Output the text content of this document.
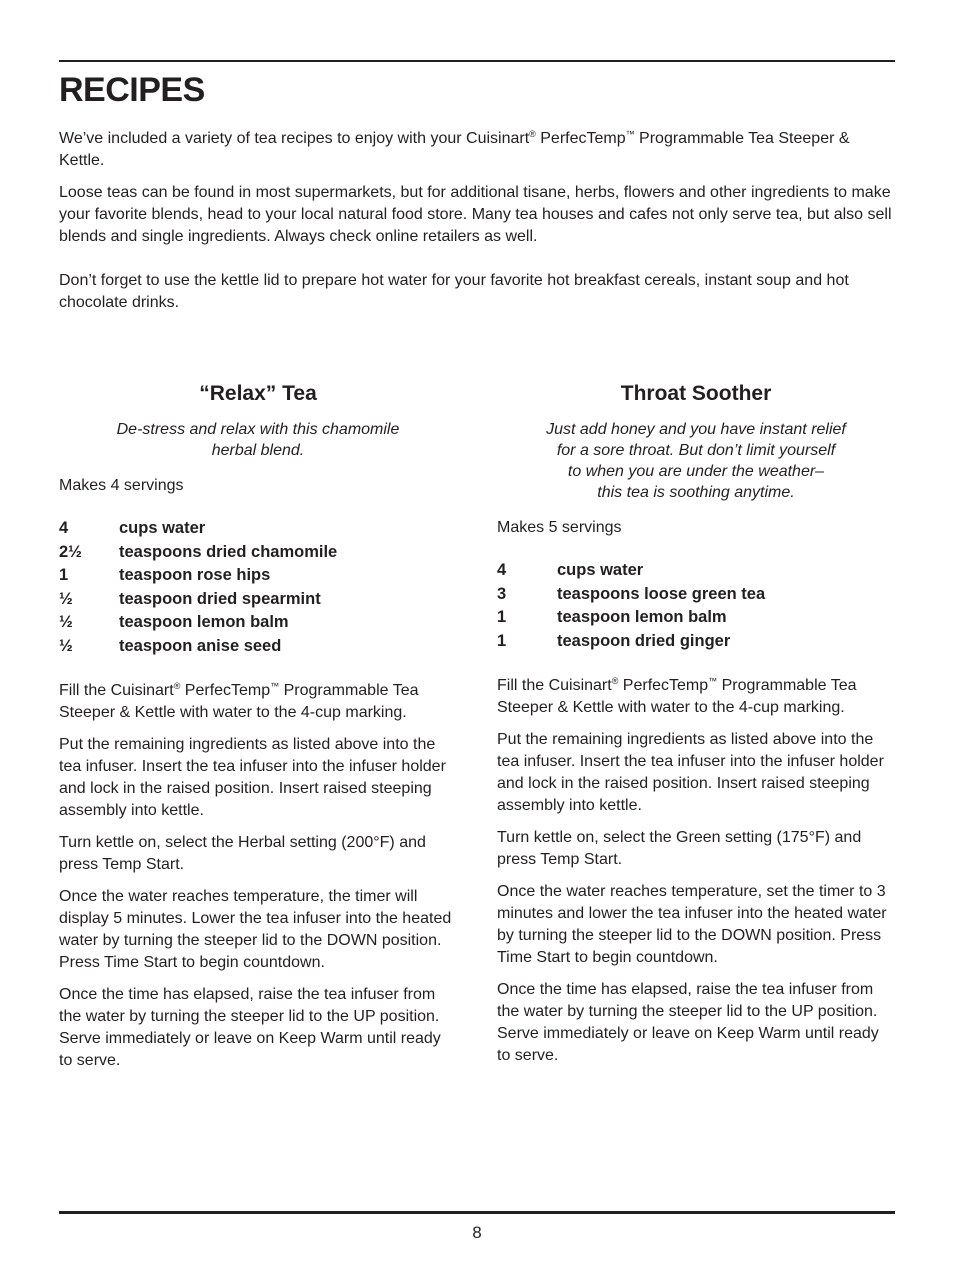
RECIPES

We’ve included a variety of tea recipes to enjoy with your Cuisinart® PerfecTemp™ Programmable Tea Steeper & Kettle.

Loose teas can be found in most supermarkets, but for additional tisane, herbs, flowers and other ingredients to make your favorite blends, head to your local natural food store. Many tea houses and cafes not only serve tea, but also sell blends and single ingredients. Always check online retailers as well.

Don’t forget to use the kettle lid to prepare hot water for your favorite hot breakfast cereals, instant soup and hot chocolate drinks.

“Relax” Tea

De-stress and relax with this chamomile
herbal blend.

Makes 4 servings

4	cups water
2½	teaspoons dried chamomile
1	teaspoon rose hips
½	teaspoon dried spearmint
½	teaspoon lemon balm
½	teaspoon anise seed

Fill the Cuisinart® PerfecTemp™ Programmable Tea Steeper & Kettle with water to the 4-cup marking.

Put the remaining ingredients as listed above into the tea infuser. Insert the tea infuser into the infuser holder and lock in the raised position. Insert raised steeping assembly into kettle.

Turn kettle on, select the Herbal setting (200°F) and press Temp Start.

Once the water reaches temperature, the timer will display 5 minutes. Lower the tea infuser into the heated water by turning the steeper lid to the DOWN position. Press Time Start to begin countdown.

Once the time has elapsed, raise the tea infuser from the water by turning the steeper lid to the UP position. Serve immediately or leave on Keep Warm until ready to serve.

Throat Soother

Just add honey and you have instant relief
for a sore throat. But don’t limit yourself
to when you are under the weather–
this tea is soothing anytime.

Makes 5 servings

4	cups water
3	teaspoons loose green tea
1	teaspoon lemon balm
1	teaspoon dried ginger

Fill the Cuisinart® PerfecTemp™ Programmable Tea Steeper & Kettle with water to the 4-cup marking.

Put the remaining ingredients as listed above into the tea infuser. Insert the tea infuser into the infuser holder and lock in the raised position. Insert raised steeping assembly into kettle.

Turn kettle on, select the Green setting (175°F) and press Temp Start.

Once the water reaches temperature, set the timer to 3 minutes and lower the tea infuser into the heated water by turning the steeper lid to the DOWN position. Press Time Start to begin countdown.

Once the time has elapsed, raise the tea infuser from the water by turning the steeper lid to the UP position. Serve immediately or leave on Keep Warm until ready to serve.

8
